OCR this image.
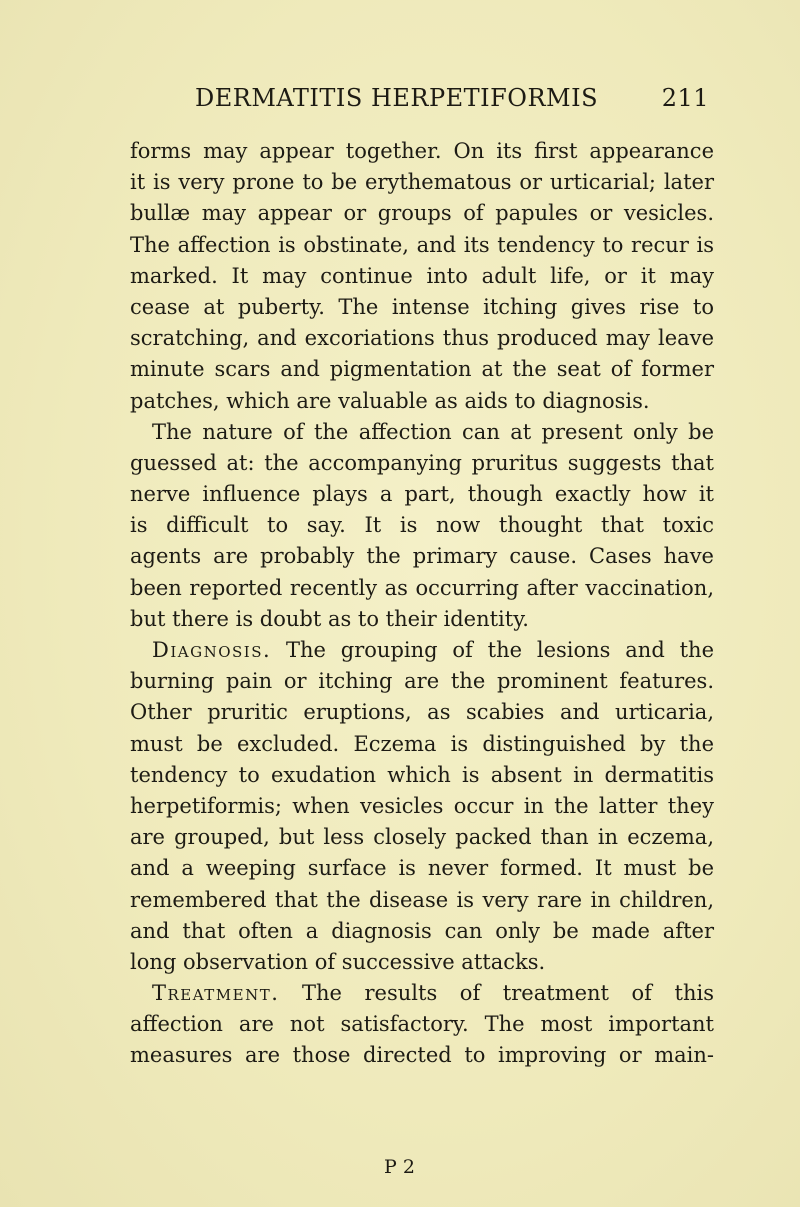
DERMATITIS HERPETIFORMIS	211
forms may appear together. On its first appearance
it is very prone to be erythematous or urticarial; later
bullæ may appear or groups of papules or vesicles.
The affection is obstinate, and its tendency to recur is
marked. It may continue into adult life, or it may
cease at puberty. The intense itching gives rise to
scratching, and excoriations thus produced may leave
minute scars and pigmentation at the seat of former
patches, which are valuable as aids to diagnosis.
The nature of the affection can at present only be
guessed at: the accompanying pruritus suggests that
nerve influence plays a part, though exactly how it
is difficult to say. It is now thought that toxic
agents are probably the primary cause. Cases have
been reported recently as occurring after vaccination,
but there is doubt as to their identity.
Diagnosis. The grouping of the lesions and the
burning pain or itching are the prominent features.
Other pruritic eruptions, as scabies and urticaria,
must be excluded. Eczema is distinguished by the
tendency to exudation which is absent in dermatitis
herpetiformis; when vesicles occur in the latter they
are grouped, but less closely packed than in eczema,
and a weeping surface is never formed. It must be
remembered that the disease is very rare in children,
and that often a diagnosis can only be made after
long observation of successive attacks.
Treatment. The results of treatment of this
affection are not satisfactory. The most important
measures are those directed to improving or main-
P 2
